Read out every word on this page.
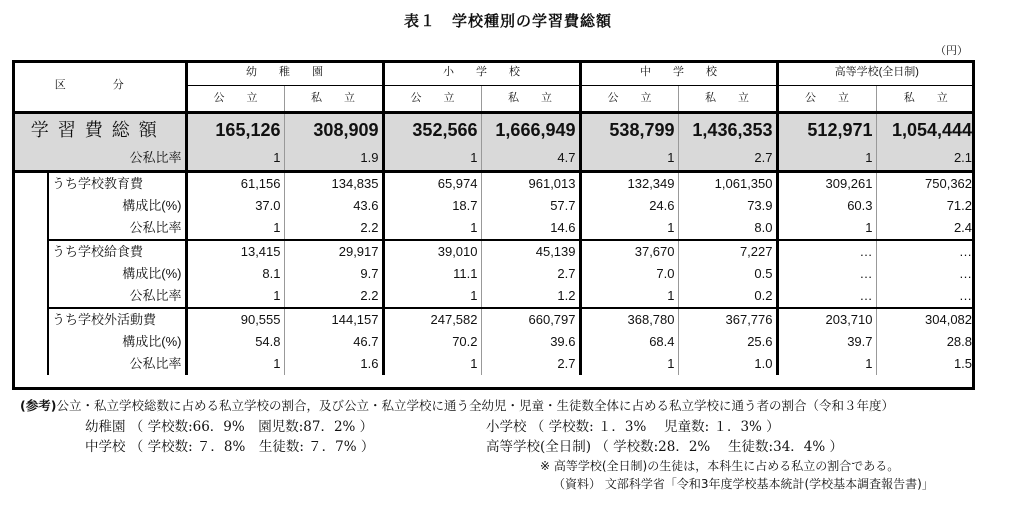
表１　学校種別の学習費総額
（円）
区　分		幼　　稚　　園		小　　学　　校		中　　学　　校		高等学校(全日制)	
		公　　立	私　　立	公　　立	私　　立	公　　立	私　　立	公　　立	私　　立
学習費総額		165,126	308,909	352,566	1,666,949	538,799	1,436,353	512,971	1,054,444
公私比率		1	1.9	1	4.7	1	2.7	1	2.1
	うち学校教育費	61,156	134,835	65,974	961,013	132,349	1,061,350	309,261	750,362
	構成比(%)	37.0	43.6	18.7	57.7	24.6	73.9	60.3	71.2
	公私比率	1	2.2	1	14.6	1	8.0	1	2.4
	うち学校給食費	13,415	29,917	39,010	45,139	37,670	7,227	…	…
	構成比(%)	8.1	9.7	11.1	2.7	7.0	0.5	…	…
	公私比率	1	2.2	1	1.2	1	0.2	…	…
	うち学校外活動費	90,555	144,157	247,582	660,797	368,780	367,776	203,710	304,082
	構成比(%)	54.8	46.7	70.2	39.6	68.4	25.6	39.7	28.8
	公私比率	1	1.6	1	2.7	1	1.0	1	1.5
(参考)公立・私立学校総数に占める私立学校の割合，及び公立・私立学校に通う全幼児・児童・生徒数全体に占める私立学校に通う者の割合（令和３年度）
幼稚園 （ 学校数:66．9%　園児数:87．2% ）	小学校 （ 学校数: １．3%　 児童数: １．3% ）
中学校 （ 学校数: ７．8%　生徒数: ７．7% ）	高等学校(全日制) （ 学校数:28．2%　 生徒数:34．4% ）
※ 高等学校(全日制)の生徒は，本科生に占める私立の割合である。
（資料） 文部科学省「令和3年度学校基本統計(学校基本調査報告書)」
